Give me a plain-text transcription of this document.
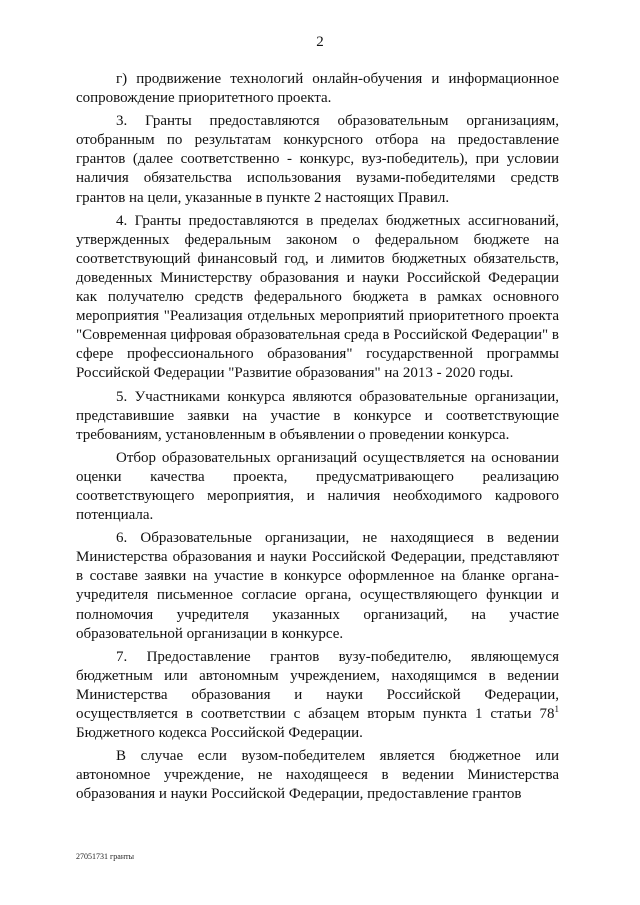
2

г) продвижение технологий онлайн-обучения и информационное сопровождение приоритетного проекта.

3. Гранты предоставляются образовательным организациям, отобранным по результатам конкурсного отбора на предоставление грантов (далее соответственно - конкурс, вуз-победитель), при условии наличия обязательства использования вузами-победителями средств грантов на цели, указанные в пункте 2 настоящих Правил.

4. Гранты предоставляются в пределах бюджетных ассигнований, утвержденных федеральным законом о федеральном бюджете на соответствующий финансовый год, и лимитов бюджетных обязательств, доведенных Министерству образования и науки Российской Федерации как получателю средств федерального бюджета в рамках основного мероприятия "Реализация отдельных мероприятий приоритетного проекта "Современная цифровая образовательная среда в Российской Федерации" в сфере профессионального образования" государственной программы Российской Федерации "Развитие образования" на 2013 - 2020 годы.

5. Участниками конкурса являются образовательные организации, представившие заявки на участие в конкурсе и соответствующие требованиям, установленным в объявлении о проведении конкурса.

Отбор образовательных организаций осуществляется на основании оценки качества проекта, предусматривающего реализацию соответствующего мероприятия, и наличия необходимого кадрового потенциала.

6. Образовательные организации, не находящиеся в ведении Министерства образования и науки Российской Федерации, представляют в составе заявки на участие в конкурсе оформленное на бланке органа-учредителя письменное согласие органа, осуществляющего функции и полномочия учредителя указанных организаций, на участие образовательной организации в конкурсе.

7. Предоставление грантов вузу-победителю, являющемуся бюджетным или автономным учреждением, находящимся в ведении Министерства образования и науки Российской Федерации, осуществляется в соответствии с абзацем вторым пункта 1 статьи $78^1$ Бюджетного кодекса Российской Федерации.

В случае если вузом-победителем является бюджетное или автономное учреждение, не находящееся в ведении Министерства образования и науки Российской Федерации, предоставление грантов

27051731 гранты
